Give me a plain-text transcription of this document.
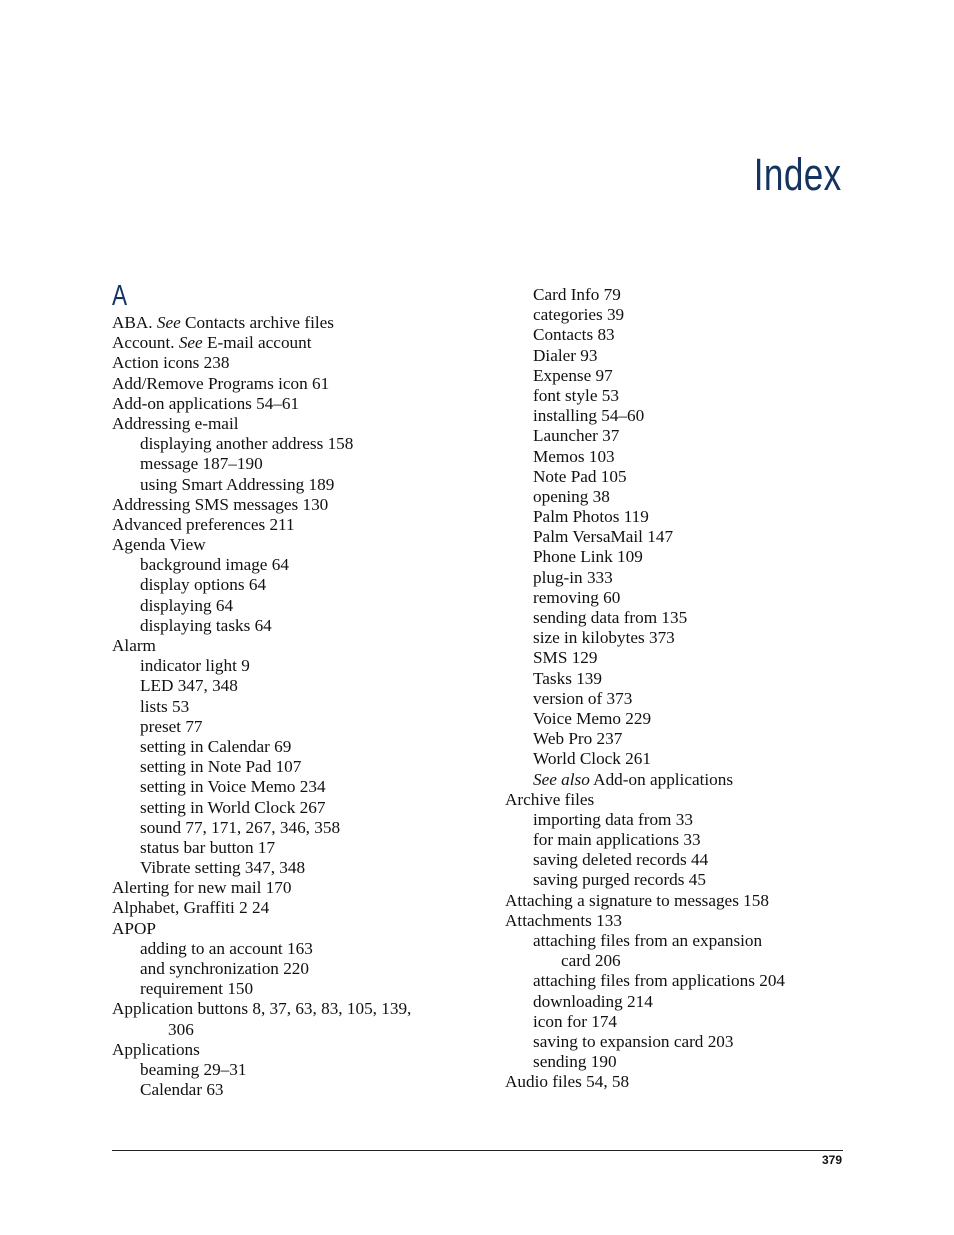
Index
A
ABA. See Contacts archive files
Account. See E-mail account
Action icons 238
Add/Remove Programs icon 61
Add-on applications 54–61
Addressing e-mail
displaying another address 158
message 187–190
using Smart Addressing 189
Addressing SMS messages 130
Advanced preferences 211
Agenda View
background image 64
display options 64
displaying 64
displaying tasks 64
Alarm
indicator light 9
LED 347, 348
lists 53
preset 77
setting in Calendar 69
setting in Note Pad 107
setting in Voice Memo 234
setting in World Clock 267
sound 77, 171, 267, 346, 358
status bar button 17
Vibrate setting 347, 348
Alerting for new mail 170
Alphabet, Graffiti 2 24
APOP
adding to an account 163
and synchronization 220
requirement 150
Application buttons 8, 37, 63, 83, 105, 139,
306
Applications
beaming 29–31
Calendar 63
Card Info 79
categories 39
Contacts 83
Dialer 93
Expense 97
font style 53
installing 54–60
Launcher 37
Memos 103
Note Pad 105
opening 38
Palm Photos 119
Palm VersaMail 147
Phone Link 109
plug-in 333
removing 60
sending data from 135
size in kilobytes 373
SMS 129
Tasks 139
version of 373
Voice Memo 229
Web Pro 237
World Clock 261
See also Add-on applications
Archive files
importing data from 33
for main applications 33
saving deleted records 44
saving purged records 45
Attaching a signature to messages 158
Attachments 133
attaching files from an expansion
card 206
attaching files from applications 204
downloading 214
icon for 174
saving to expansion card 203
sending 190
Audio files 54, 58
379
